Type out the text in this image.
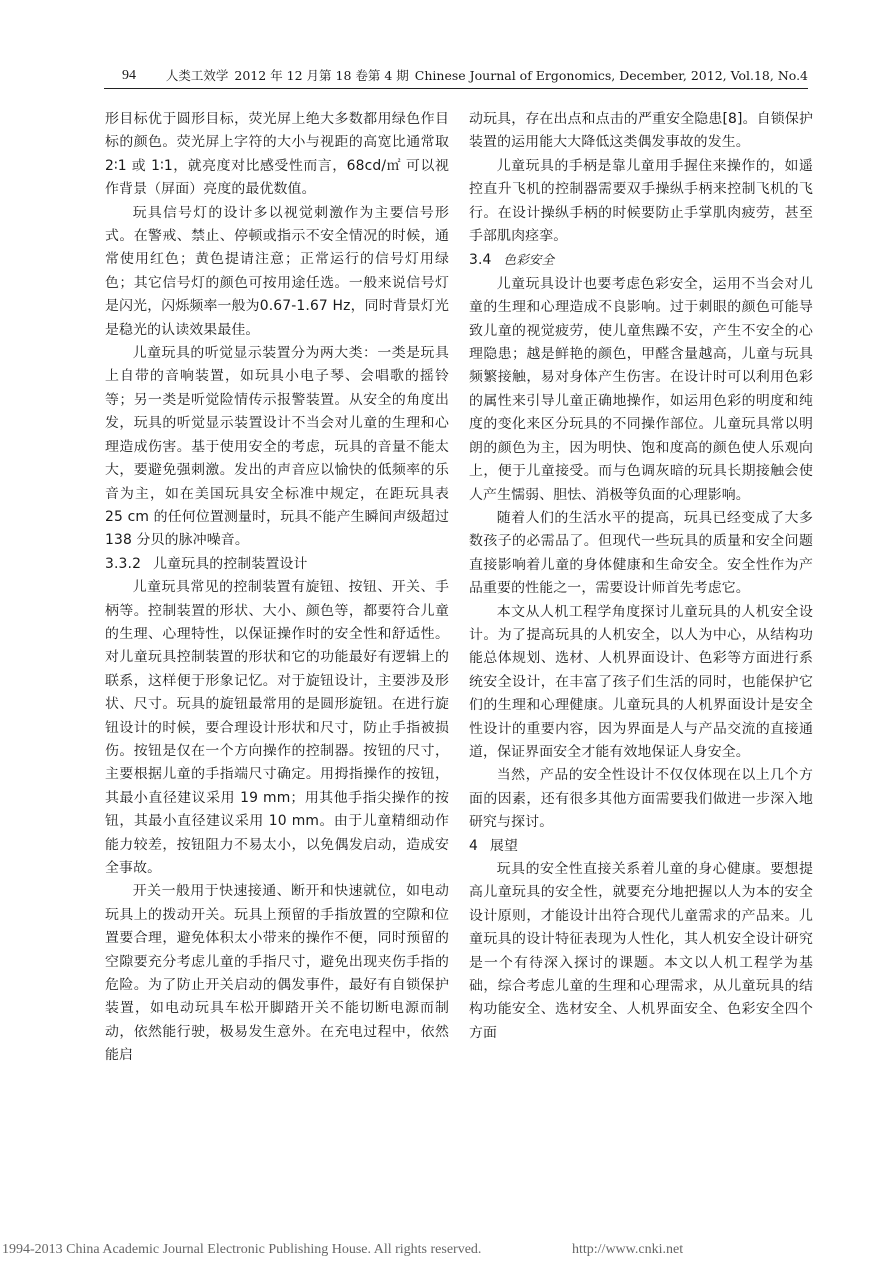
94 人类工效学 2012 年 12 月第 18 卷第 4 期 Chinese Journal of Ergonomics, December, 2012, Vol.18, No.4

形目标优于圆形目标，荧光屏上绝大多数都用绿色作目标的颜色。荧光屏上字符的大小与视距的高宽比通常取 2∶1 或 1∶1，就亮度对比感受性而言，68cd/㎡ 可以视作背景（屏面）亮度的最优数值。

玩具信号灯的设计多以视觉刺激作为主要信号形式。在警戒、禁止、停顿或指示不安全情况的时候，通常使用红色；黄色提请注意；正常运行的信号灯用绿色；其它信号灯的颜色可按用途任选。一般来说信号灯是闪光，闪烁频率一般为0.67-1.67 Hz，同时背景灯光是稳光的认读效果最佳。

儿童玩具的听觉显示装置分为两大类：一类是玩具上自带的音响装置，如玩具小电子琴、会唱歌的摇铃等；另一类是听觉险情传示报警装置。从安全的角度出发，玩具的听觉显示装置设计不当会对儿童的生理和心理造成伤害。基于使用安全的考虑，玩具的音量不能太大，要避免强刺激。发出的声音应以愉快的低频率的乐音为主，如在美国玩具安全标准中规定，在距玩具表 25 cm 的任何位置测量时，玩具不能产生瞬间声级超过 138 分贝的脉冲噪音。

3.3.2 儿童玩具的控制装置设计

儿童玩具常见的控制装置有旋钮、按钮、开关、手柄等。控制装置的形状、大小、颜色等，都要符合儿童的生理、心理特性，以保证操作时的安全性和舒适性。对儿童玩具控制装置的形状和它的功能最好有逻辑上的联系，这样便于形象记忆。对于旋钮设计，主要涉及形状、尺寸。玩具的旋钮最常用的是圆形旋钮。在进行旋钮设计的时候，要合理设计形状和尺寸，防止手指被损伤。按钮是仅在一个方向操作的控制器。按钮的尺寸，主要根据儿童的手指端尺寸确定。用拇指操作的按钮，其最小直径建议采用 19 mm；用其他手指尖操作的按钮，其最小直径建议采用 10 mm。由于儿童精细动作能力较差，按钮阻力不易太小，以免偶发启动，造成安全事故。

开关一般用于快速接通、断开和快速就位，如电动玩具上的拨动开关。玩具上预留的手指放置的空隙和位置要合理，避免体积太小带来的操作不便，同时预留的空隙要充分考虑儿童的手指尺寸，避免出现夹伤手指的危险。为了防止开关启动的偶发事件，最好有自锁保护装置，如电动玩具车松开脚踏开关不能切断电源而制动，依然能行驶，极易发生意外。在充电过程中，依然能启

动玩具，存在出点和点击的严重安全隐患[8]。自锁保护装置的运用能大大降低这类偶发事故的发生。

儿童玩具的手柄是靠儿童用手握住来操作的，如遥控直升飞机的控制器需要双手操纵手柄来控制飞机的飞行。在设计操纵手柄的时候要防止手掌肌肉疲劳，甚至手部肌肉痉挛。

3.4 色彩安全

儿童玩具设计也要考虑色彩安全，运用不当会对儿童的生理和心理造成不良影响。过于刺眼的颜色可能导致儿童的视觉疲劳，使儿童焦躁不安，产生不安全的心理隐患；越是鲜艳的颜色，甲醛含量越高，儿童与玩具频繁接触，易对身体产生伤害。在设计时可以利用色彩的属性来引导儿童正确地操作，如运用色彩的明度和纯度的变化来区分玩具的不同操作部位。儿童玩具常以明朗的颜色为主，因为明快、饱和度高的颜色使人乐观向上，便于儿童接受。而与色调灰暗的玩具长期接触会使人产生懦弱、胆怯、消极等负面的心理影响。

随着人们的生活水平的提高，玩具已经变成了大多数孩子的必需品了。但现代一些玩具的质量和安全问题直接影响着儿童的身体健康和生命安全。安全性作为产品重要的性能之一，需要设计师首先考虑它。

本文从人机工程学角度探讨儿童玩具的人机安全设计。为了提高玩具的人机安全，以人为中心，从结构功能总体规划、选材、人机界面设计、色彩等方面进行系统安全设计，在丰富了孩子们生活的同时，也能保护它们的生理和心理健康。儿童玩具的人机界面设计是安全性设计的重要内容，因为界面是人与产品交流的直接通道，保证界面安全才能有效地保证人身安全。

当然，产品的安全性设计不仅仅体现在以上几个方面的因素，还有很多其他方面需要我们做进一步深入地研究与探讨。

4 展望

玩具的安全性直接关系着儿童的身心健康。要想提高儿童玩具的安全性，就要充分地把握以人为本的安全设计原则，才能设计出符合现代儿童需求的产品来。儿童玩具的设计特征表现为人性化，其人机安全设计研究是一个有待深入探讨的课题。本文以人机工程学为基础，综合考虑儿童的生理和心理需求，从儿童玩具的结构功能安全、选材安全、人机界面安全、色彩安全四个方面

1994-2013 China Academic Journal Electronic Publishing House. All rights reserved.	http://www.cnki.net
